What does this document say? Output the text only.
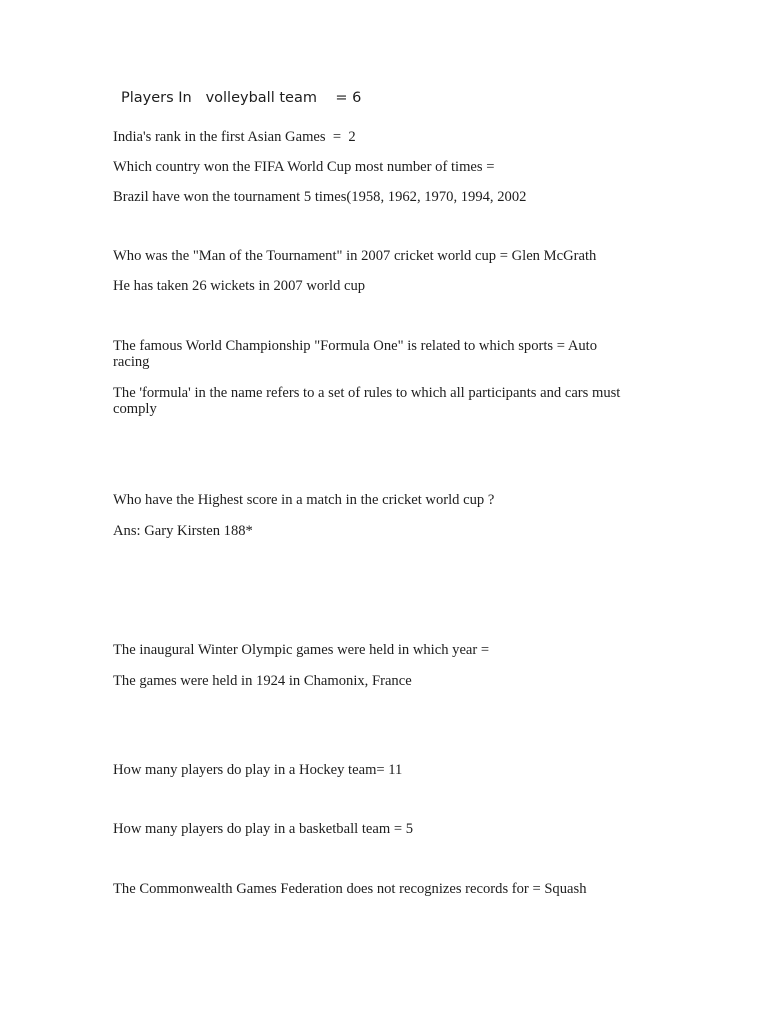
Players In   volleyball team    = 6
India's rank in the first Asian Games  =  2
Which country won the FIFA World Cup most number of times =
Brazil have won the tournament 5 times(1958, 1962, 1970, 1994, 2002
Who was the "Man of the Tournament" in 2007 cricket world cup = Glen McGrath
He has taken 26 wickets in 2007 world cup
The famous World Championship "Formula One" is related to which sports = Auto racing
The 'formula' in the name refers to a set of rules to which all participants and cars must comply
Who have the Highest score in a match in the cricket world cup ?
Ans: Gary Kirsten 188*
The inaugural Winter Olympic games were held in which year =
The games were held in 1924 in Chamonix, France
How many players do play in a Hockey team= 11
How many players do play in a basketball team = 5
The Commonwealth Games Federation does not recognizes records for = Squash
